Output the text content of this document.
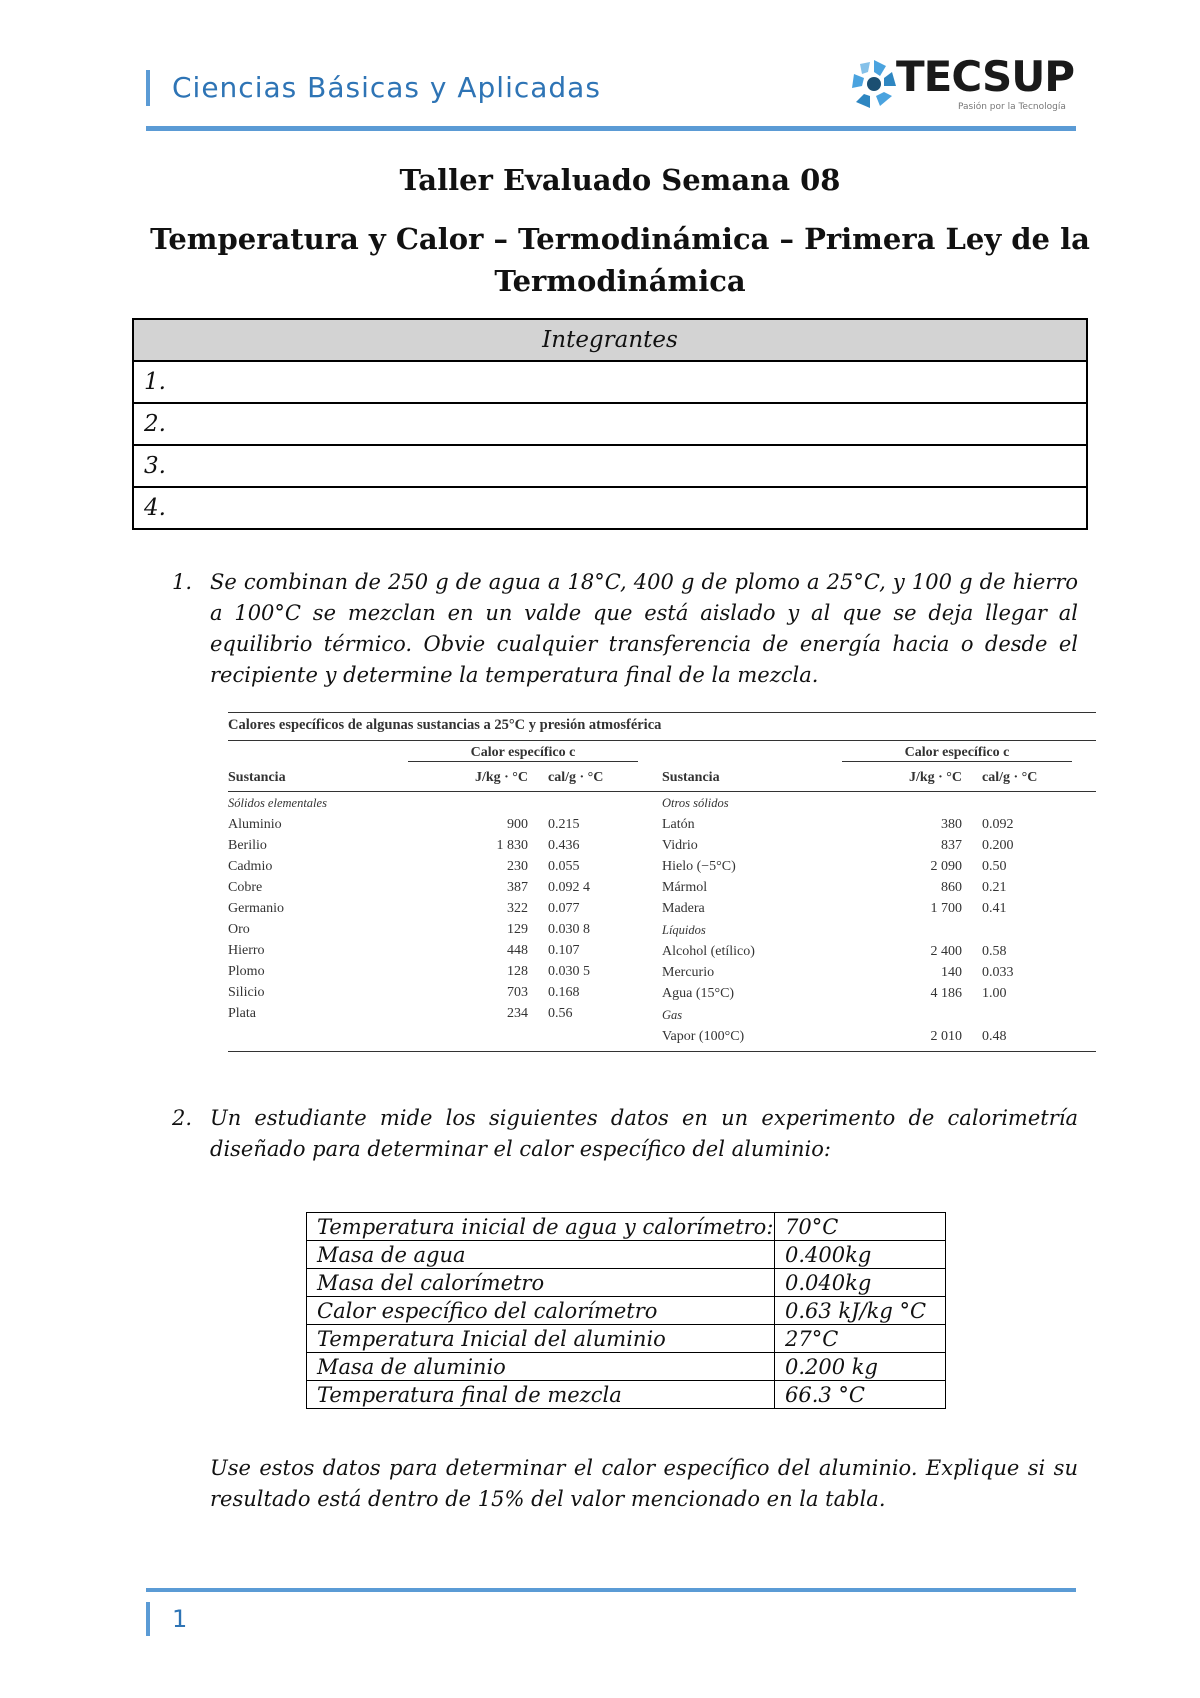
Ciencias Básicas y Aplicadas	TECSUP
Pasión por la Tecnología
Taller Evaluado Semana 08
Temperatura y Calor – Termodinámica – Primera Ley de la
Termodinámica
Integrantes
1.
2.
3.
4.
1. Se combinan de 250 g de agua a 18°C, 400 g de plomo a 25°C, y 100 g de hierro a 100°C se mezclan en un valde que está aislado y al que se deja llegar al equilibrio térmico. Obvie cualquier transferencia de energía hacia o desde el recipiente y determine la temperatura final de la mezcla.
Calores específicos de algunas sustancias a 25°C y presión atmosférica
Calor específico c
Sustancia	J/kg · °C	cal/g · °C
Sólidos elementales
Aluminio	900	0.215
Berilio	1 830	0.436
Cadmio	230	0.055
Cobre	387	0.092 4
Germanio	322	0.077
Oro	129	0.030 8
Hierro	448	0.107
Plomo	128	0.030 5
Silicio	703	0.168
Plata	234	0.56
Calor específico c
Sustancia	J/kg · °C	cal/g · °C
Otros sólidos
Latón	380	0.092
Vidrio	837	0.200
Hielo (−5°C)	2 090	0.50
Mármol	860	0.21
Madera	1 700	0.41
Líquidos
Alcohol (etílico)	2 400	0.58
Mercurio	140	0.033
Agua (15°C)	4 186	1.00
Gas
Vapor (100°C)	2 010	0.48
2. Un estudiante mide los siguientes datos en un experimento de calorimetría diseñado para determinar el calor específico del aluminio:
Temperatura inicial de agua y calorímetro:	70°C
Masa de agua	0.400kg
Masa del calorímetro	0.040kg
Calor específico del calorímetro	0.63 kJ/kg °C
Temperatura Inicial del aluminio	27°C
Masa de aluminio	0.200 kg
Temperatura final de mezcla	66.3 °C
Use estos datos para determinar el calor específico del aluminio. Explique si su resultado está dentro de 15% del valor mencionado en la tabla.
1
